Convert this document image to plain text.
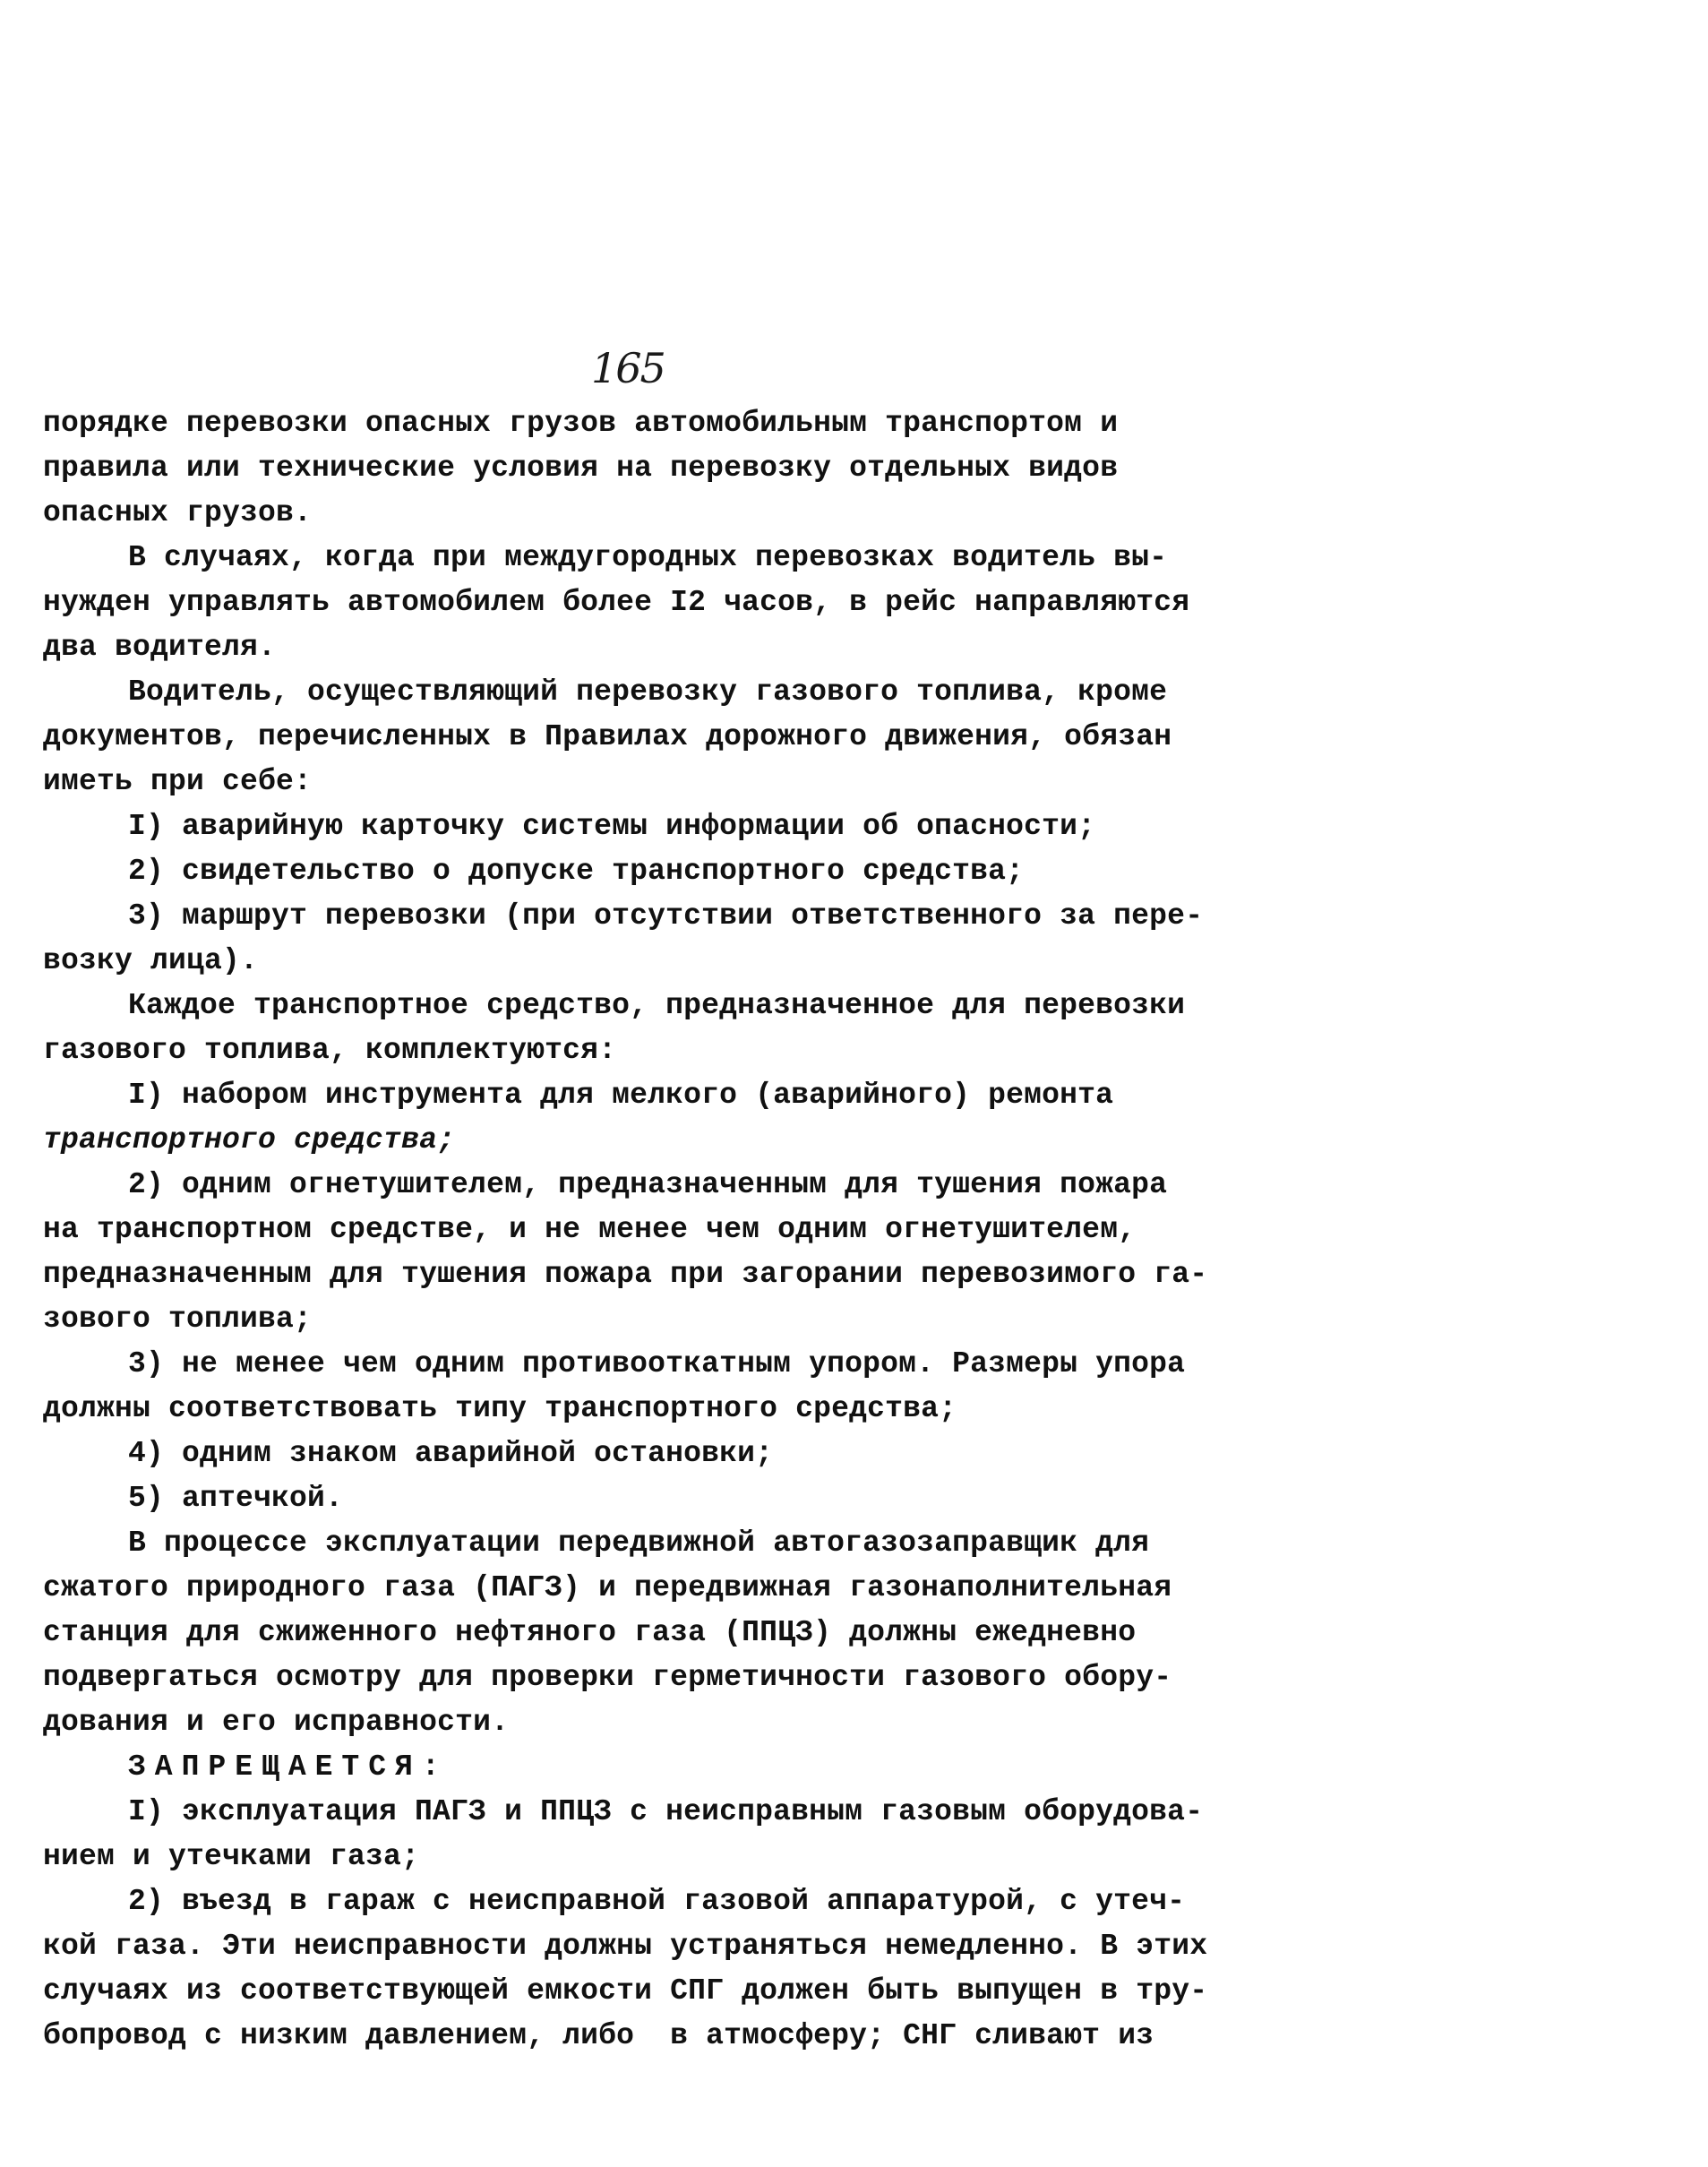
165
порядке перевозки опасных грузов автомобильным транспортом и
правила или технические условия на перевозку отдельных видов
опасных грузов.
В случаях, когда при междугородных перевозках водитель вы-
нужден управлять автомобилем более I2 часов, в рейс направляются
два водителя.
Водитель, осуществляющий перевозку газового топлива, кроме
документов, перечисленных в Правилах дорожного движения, обязан
иметь при себе:
I) аварийную карточку системы информации об опасности;
2) свидетельство о допуске транспортного средства;
3) маршрут перевозки (при отсутствии ответственного за пере-
возку лица).
Каждое транспортное средство, предназначенное для перевозки
газового топлива, комплектуются:
I) набором инструмента для мелкого (аварийного) ремонта
транспортного средства;
2) одним огнетушителем, предназначенным для тушения пожара
на транспортном средстве, и не менее чем одним огнетушителем,
предназначенным для тушения пожара при загорании перевозимого га-
зового топлива;
3) не менее чем одним противооткатным упором. Размеры упора
должны соответствовать типу транспортного средства;
4) одним знаком аварийной остановки;
5) аптечкой.
В процессе эксплуатации передвижной автогазозаправщик для
сжатого природного газа (ПАГЗ) и передвижная газонаполнительная
станция для сжиженного нефтяного газа (ППЦЗ) должны ежедневно
подвергаться осмотру для проверки герметичности газового обору-
дования и его исправности.
ЗАПРЕЩАЕТСЯ:
I) эксплуатация ПАГЗ и ППЦЗ с неисправным газовым оборудова-
нием и утечками газа;
2) въезд в гараж с неисправной газовой аппаратурой, с утеч-
кой газа. Эти неисправности должны устраняться немедленно. В этих
случаях из соответствующей емкости СПГ должен быть выпущен в тру-
бопровод с низким давлением, либо  в атмосферу; СНГ сливают из
